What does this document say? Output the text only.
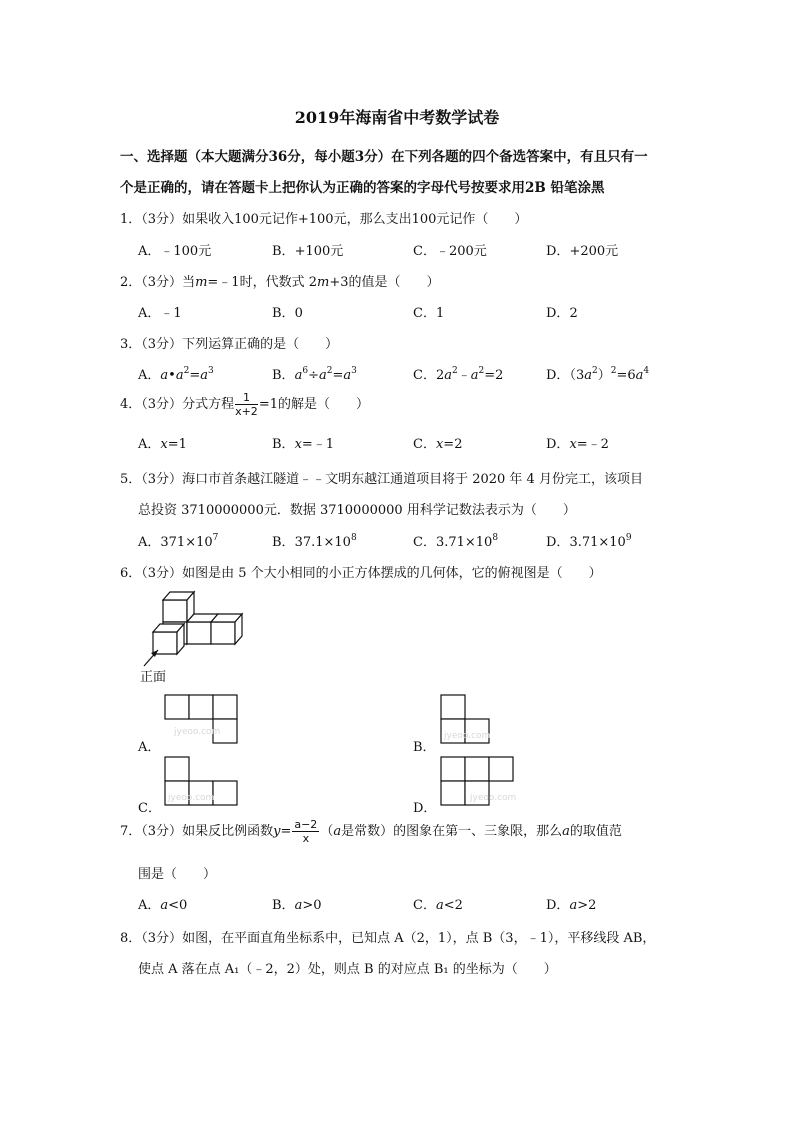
2019年海南省中考数学试卷
一、选择题（本大题满分36分，每小题3分）在下列各题的四个备选答案中，有且只有一
个是正确的，请在答题卡上把你认为正确的答案的字母代号按要求用2B 铅笔涂黑
1．（3分）如果收入100元记作+100元，那么支出100元记作（　　）
A．﹣100元	B．+100元	C．﹣200元	D．+200元
2．（3分）当m=﹣1时，代数式 2m+3的值是（　　）
A．﹣1	B．0	C．1	D．2
3．（3分）下列运算正确的是（　　）
A．$a•a^2=a^3$	B．$a^6\div a^2=a^3$	C．$2a^2﹣a^2=2$	D．$(3a^2)^2=6a^4$
4．（3分）分式方程 $\frac{1}{x+2} =1$的解是（　　）
A．x=1	B．x=﹣1	C．x=2	D．x=﹣2
5．（3分）海口市首条越江隧道﹣﹣文明东越江通道项目将于 2020 年 4 月份完工，该项目
总投资 3710000000元．数据 3710000000 用科学记数法表示为（　　）
A．$371\times 10^7$	B．$37.1\times 10^8$	C．$3.71\times 10^8$	D．$3.71\times 10^9$
6．（3分）如图是由 5 个大小相同的小正方体摆成的几何体，它的俯视图是（　　）
正面
jyeoo.com
A．
jyeoo.com
B．
jyeoo.com
C．
jyeoo.com
D．
7．（3分）如果反比例函数$y= \frac{a-2}{x} (a$是常数）的图象在第一、三象限，那么a的取值范
围是（　　）
A．a<0	B．a>0	C．a<2	D．a>2
8．（3分）如图，在平面直角坐标系中，已知点 A（2，1），点 B（3，﹣1），平移线段 AB，
使点 A 落在点 A₁（﹣2，2）处，则点 B 的对应点 B₁ 的坐标为（　　）
